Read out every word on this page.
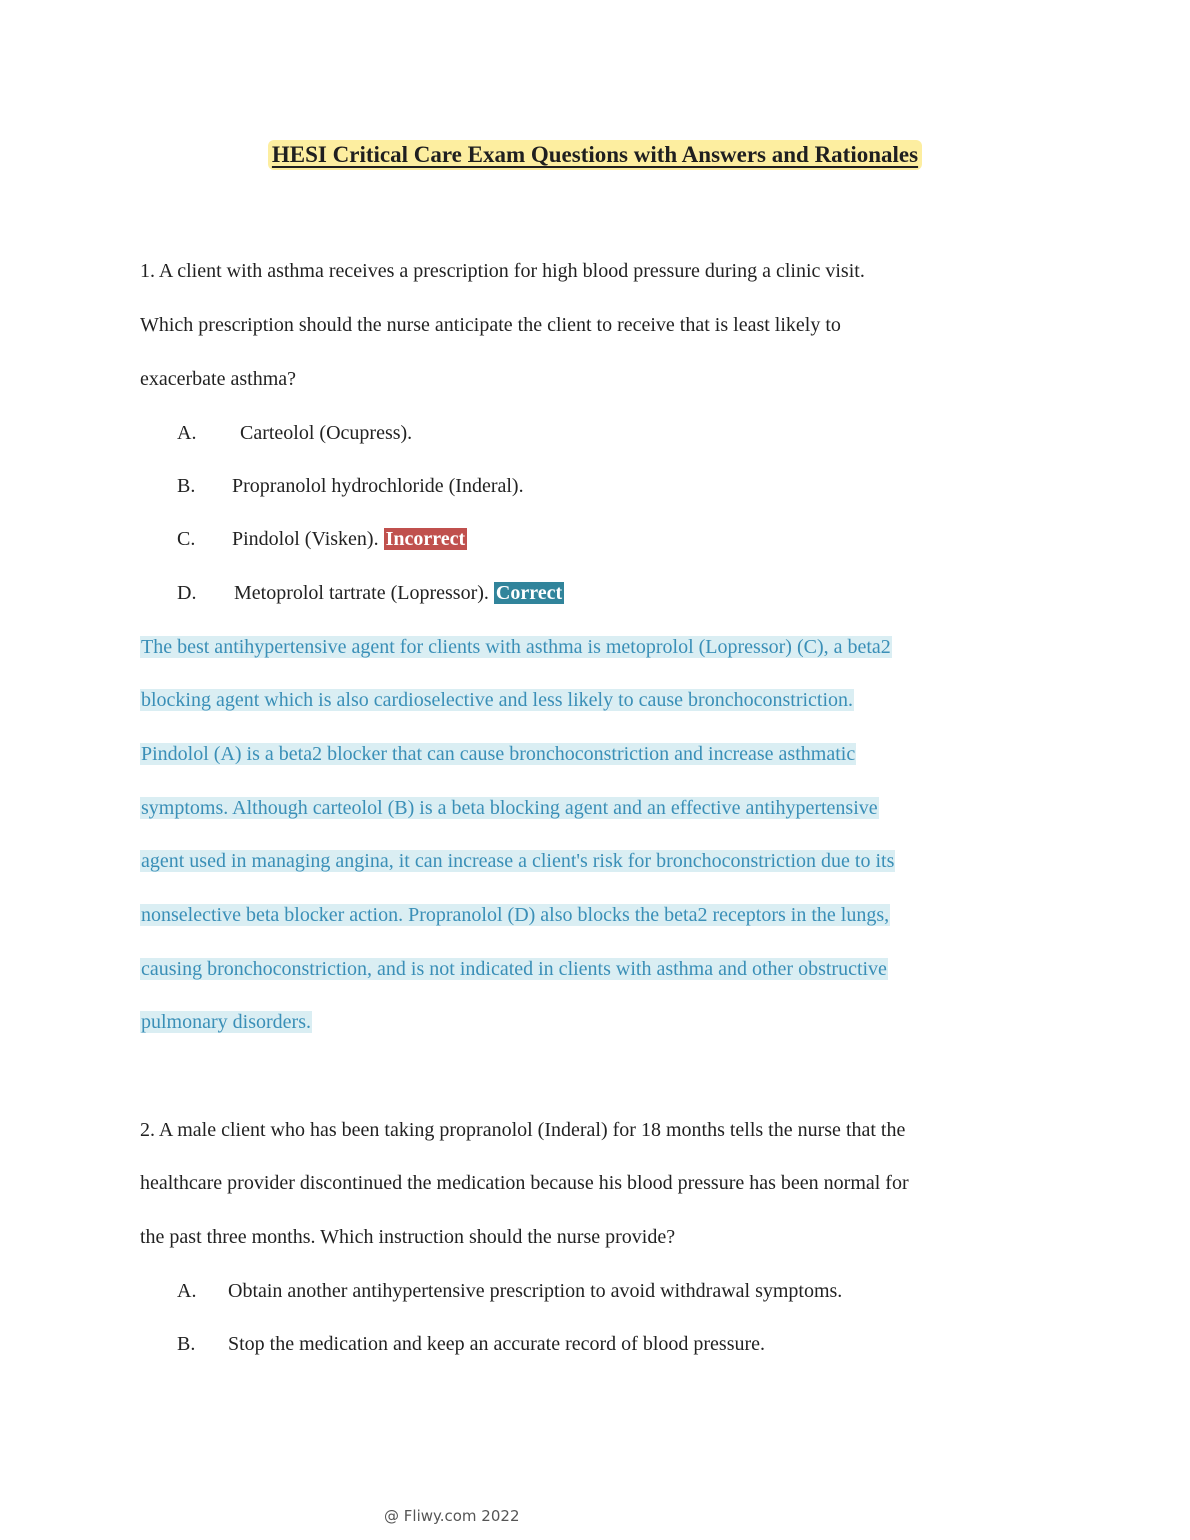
HESI Critical Care Exam Questions with Answers and Rationales
1. A client with asthma receives a prescription for high blood pressure during a clinic visit.
Which prescription should the nurse anticipate the client to receive that is least likely to
exacerbate asthma?
A. Carteolol (Ocupress).
B. Propranolol hydrochloride (Inderal).
C. Pindolol (Visken). Incorrect
D. Metoprolol tartrate (Lopressor). Correct
The best antihypertensive agent for clients with asthma is metoprolol (Lopressor) (C), a beta2
blocking agent which is also cardioselective and less likely to cause bronchoconstriction.
Pindolol (A) is a beta2 blocker that can cause bronchoconstriction and increase asthmatic
symptoms. Although carteolol (B) is a beta blocking agent and an effective antihypertensive
agent used in managing angina, it can increase a client's risk for bronchoconstriction due to its
nonselective beta blocker action. Propranolol (D) also blocks the beta2 receptors in the lungs,
causing bronchoconstriction, and is not indicated in clients with asthma and other obstructive
pulmonary disorders.
2. A male client who has been taking propranolol (Inderal) for 18 months tells the nurse that the
healthcare provider discontinued the medication because his blood pressure has been normal for
the past three months. Which instruction should the nurse provide?
A. Obtain another antihypertensive prescription to avoid withdrawal symptoms.
B. Stop the medication and keep an accurate record of blood pressure.
@ Fliwy.com 2022
